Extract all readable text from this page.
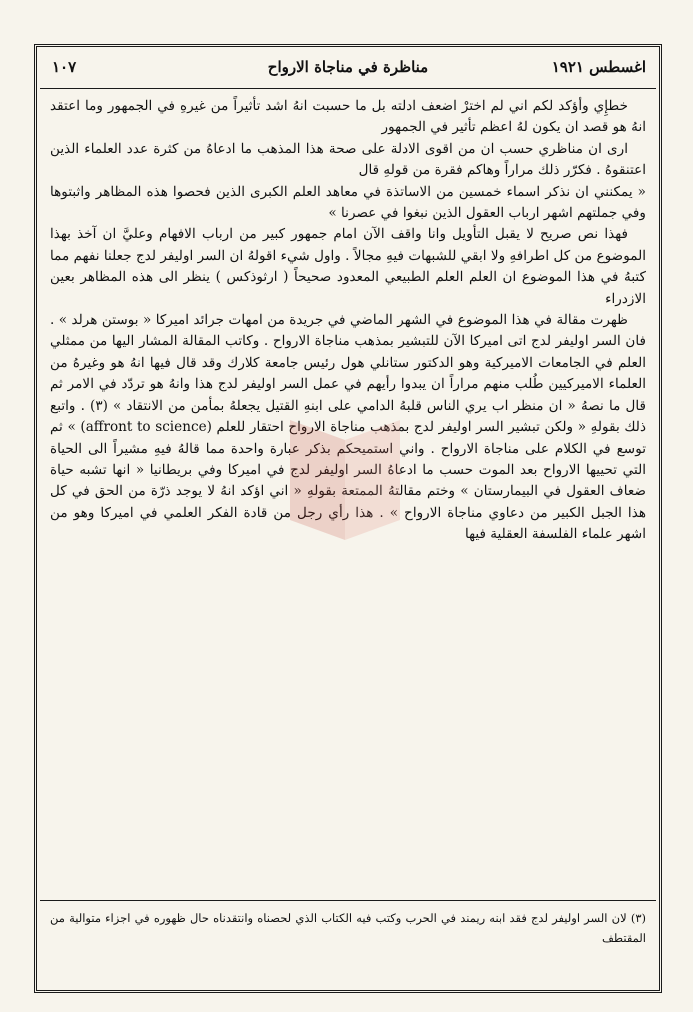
اغسطس ١٩٢١
مناظرة في مناجاة الارواح
١٠٧

خطإِي وأؤكد لكم اني لم اخترْ اضعف ادلته بل ما حسبت انهُ اشد تأثيراً من غيرهِ في الجمهور وما اعتقد انهُ هو قصد ان يكون لهُ اعظم تأثير في الجمهور

ارى ان مناظري حسب ان من اقوى الادلة على صحة هذا المذهب ما ادعاهُ من كثرة عدد العلماء الذين اعتنقوهُ . فكرّر ذلك مراراً وهاكم فقرة من قولهِ قال

« يمكنني ان نذكر اسماء خمسين من الاساتذة في معاهد العلم الكبرى الذين فحصوا هذه المظاهر واثبتوها وفي جملتهم اشهر ارباب العقول الذين نبغوا في عصرنا »

فهذا نص صريح لا يقبل التأويل وانا واقف الآن امام جمهور كبير من ارباب الافهام وعليَّ ان آخذ بهذا الموضوع من كل اطرافهِ ولا ابقي للشبهات فيهِ مجالاً . واول شيء اقولهُ ان السر اوليفر لدج جعلنا نفهم مما كتبهُ في هذا الموضوع ان العلم العلم الطبيعي المعدود صحيحاً ( ارثوذكس ) ينظر الى هذه المظاهر بعين الازدراء

ظهرت مقالة في هذا الموضوع في الشهر الماضي في جريدة من امهات جرائد اميركا « بوستن هرلد » . فان السر اوليفر لدج اتى اميركا الآن للتبشير بمذهب مناجاة الارواح . وكاتب المقالة المشار اليها من ممثلي العلم في الجامعات الاميركية وهو الدكتور ستانلي هول رئيس جامعة كلارك وقد قال فيها انهُ هو وغيرهُ من العلماء الاميركيين طُلب منهم مراراً ان يبدوا رأيهم في عمل السر اوليفر لدج هذا وانهُ هو تردّد في الامر ثم قال ما نصهُ « ان منظر اب يري الناس قلبهُ الدامي على ابنهِ القتيل يجعلهُ بمأمن من الانتقاد » (٣) . واتبع ذلك بقولهِ « ولكن تبشير السر اوليفر لدج بمذهب مناجاة الارواح احتقار للعلم (affront to science) » ثم توسع في الكلام على مناجاة الارواح . واني استميحكم بذكر عبارة واحدة مما قالهُ فيهِ مشيراً الى الحياة التي تحييها الارواح بعد الموت حسب ما ادعاهُ السر اوليفر لدج في اميركا وفي بريطانيا « انها تشبه حياة ضعاف العقول في البيمارستان » وختم مقالتهُ الممتعة بقولهِ « اني اؤكد انهُ لا يوجد ذرّة من الحق في كل هذا الجبل الكبير من دعاوي مناجاة الارواح » . هذا رأي رجل من قادة الفكر العلمي في اميركا وهو من اشهر علماء الفلسفة العقلية فيها

(٣) لان السر اوليفر لدج فقد ابنه ريمند في الحرب وكتب فيه الكتاب الذي لحصناه وانتقدناه حال ظهوره في اجزاء متوالية من المقتطف
